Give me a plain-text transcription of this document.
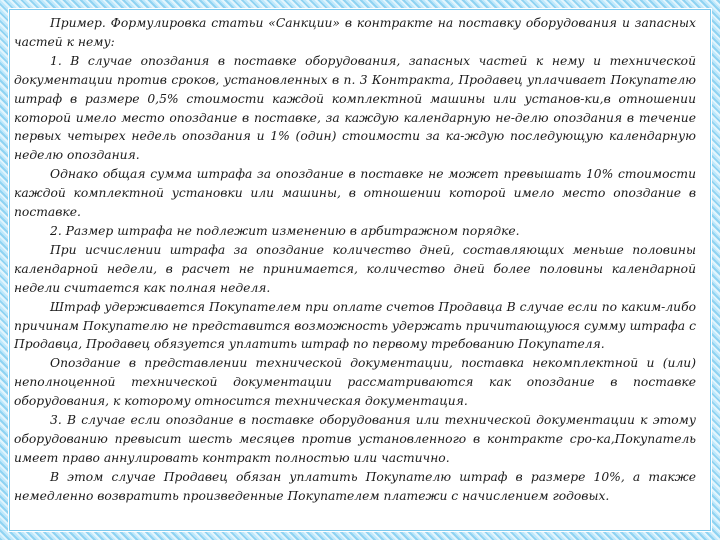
Пример. Формулировка статьи «Санкции» в контракте на поставку оборудования и запасных частей к нему:

1. В случае опоздания в поставке оборудования, запасных частей к нему и технической документации против сроков, установленных в п. 3 Контракта, Продавец уплачивает Покупателю штраф в размере 0,5% стоимости каждой комплектной машины или установ-ки,в отношении которой имело место опоздание в поставке, за каждую календарную не-делю опоздания в течение первых четырех недель опоздания и 1% (один) стоимости за ка-ждую последующую календарную неделю опоздания.

Однако общая сумма штрафа за опоздание в поставке не может превышать 10% стоимости каждой комплектной установки или машины, в отношении которой имело место опоздание в поставке.

2. Размер штрафа не подлежит изменению в арбитражном порядке.

При исчислении штрафа за опоздание количество дней, составляющих меньше половины календарной недели, в расчет не принимается, количество дней более половины календарной недели считается как полная неделя.

Штраф удерживается Покупателем при оплате счетов Продавца В случае если по каким-либо причинам Покупателю не представится возможность удержать причитающуюся сумму штрафа с Продавца, Продавец обязуется уплатить штраф по первому требованию Покупателя.

Опоздание в представлении технической документации, поставка некомплектной и (или) неполноценной технической документации рассматриваются как опоздание в поставке оборудования, к которому относится техническая документация.

3. В случае если опоздание в поставке оборудования или технической документации к этому оборудованию превысит шесть месяцев против установленного в контракте сро-ка,Покупатель имеет право аннулировать контракт полностью или частично.

В этом случае Продавец обязан уплатить Покупателю штраф в размере 10%, а также немедленно возвратить произведенные Покупателем платежи с начислением годовых.
